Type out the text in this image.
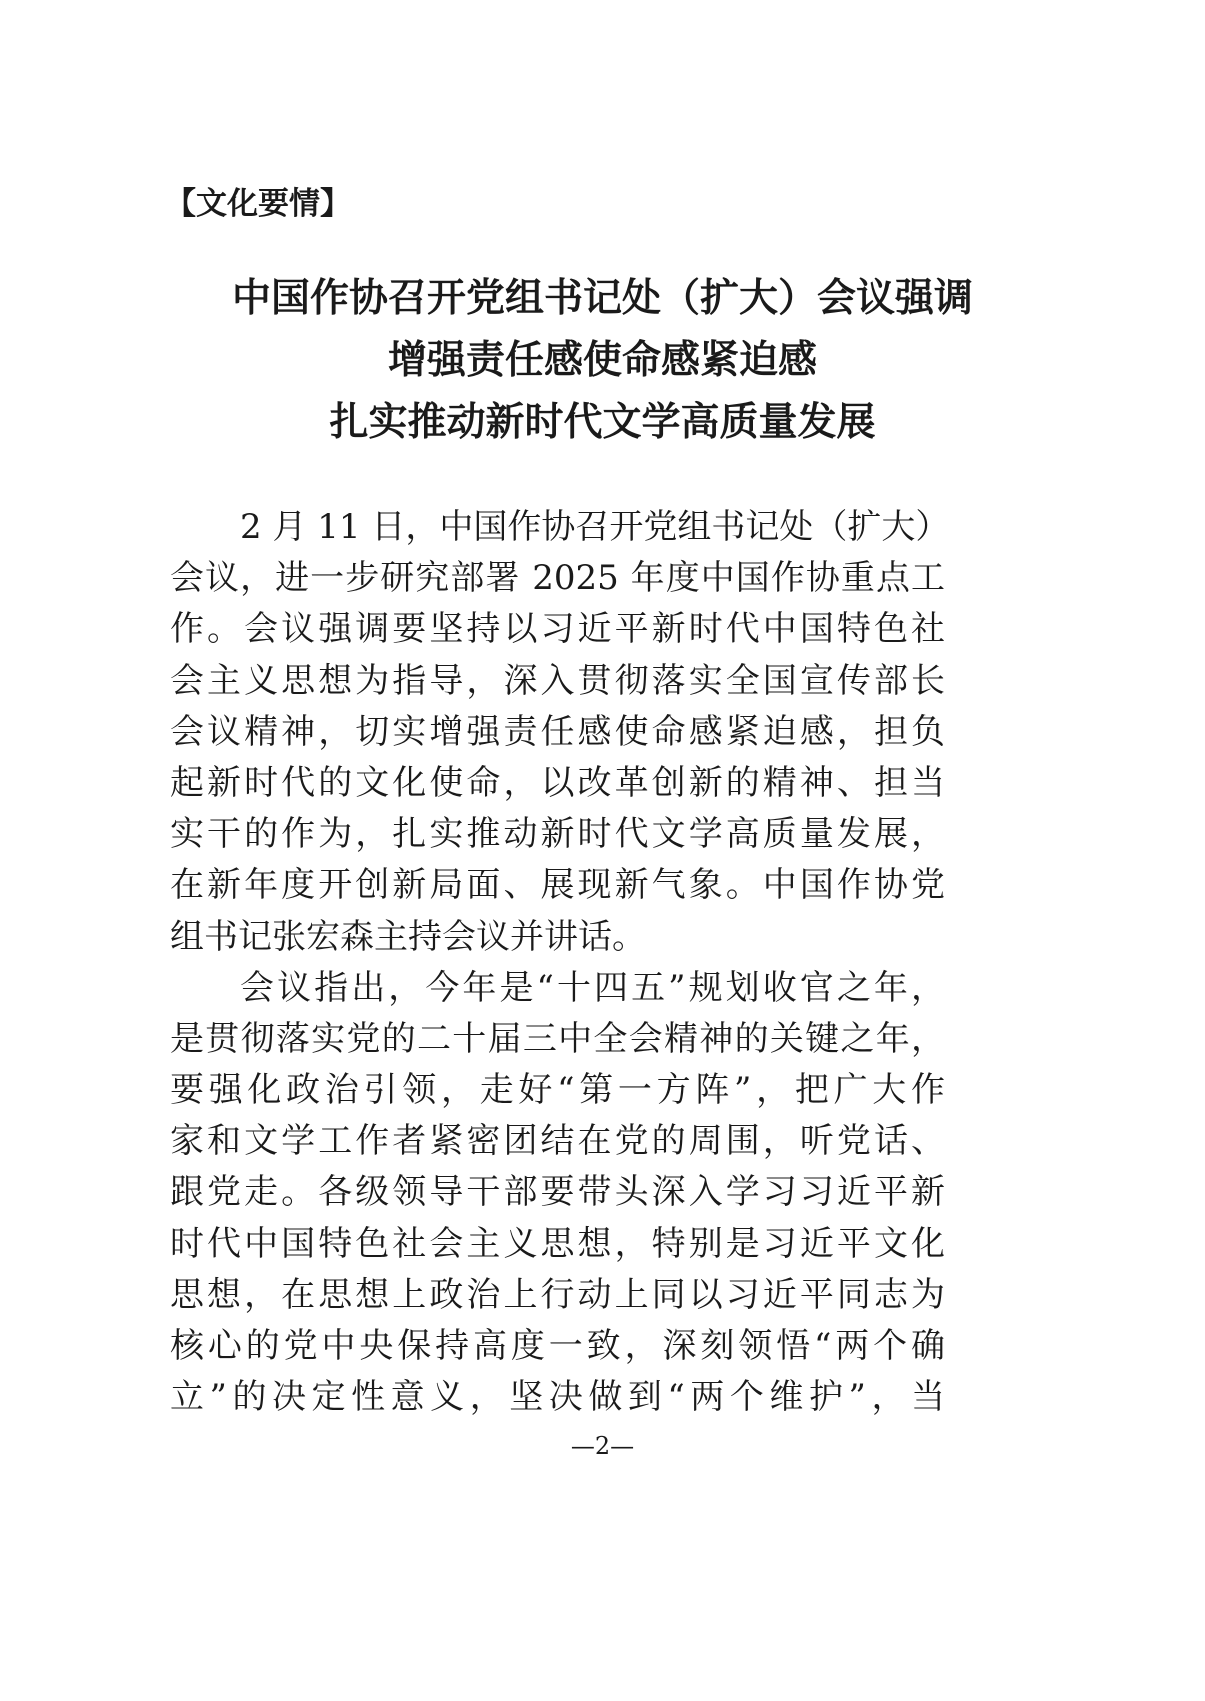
【文化要情】
中国作协召开党组书记处（扩大）会议强调
增强责任感使命感紧迫感
扎实推动新时代文学高质量发展
2 月 11 日，中国作协召开党组书记处（扩大）
会议，进一步研究部署 2025 年度中国作协重点工
作。会议强调要坚持以习近平新时代中国特色社
会主义思想为指导，深入贯彻落实全国宣传部长
会议精神，切实增强责任感使命感紧迫感，担负
起新时代的文化使命，以改革创新的精神、担当
实干的作为，扎实推动新时代文学高质量发展，
在新年度开创新局面、展现新气象。中国作协党
组书记张宏森主持会议并讲话。
会议指出，今年是“十四五”规划收官之年，
是贯彻落实党的二十届三中全会精神的关键之年，
要强化政治引领，走好“第一方阵”，把广大作
家和文学工作者紧密团结在党的周围，听党话、
跟党走。各级领导干部要带头深入学习习近平新
时代中国特色社会主义思想，特别是习近平文化
思想，在思想上政治上行动上同以习近平同志为
核心的党中央保持高度一致，深刻领悟“两个确
立”的决定性意义，坚决做到“两个维护”，当
—2—
